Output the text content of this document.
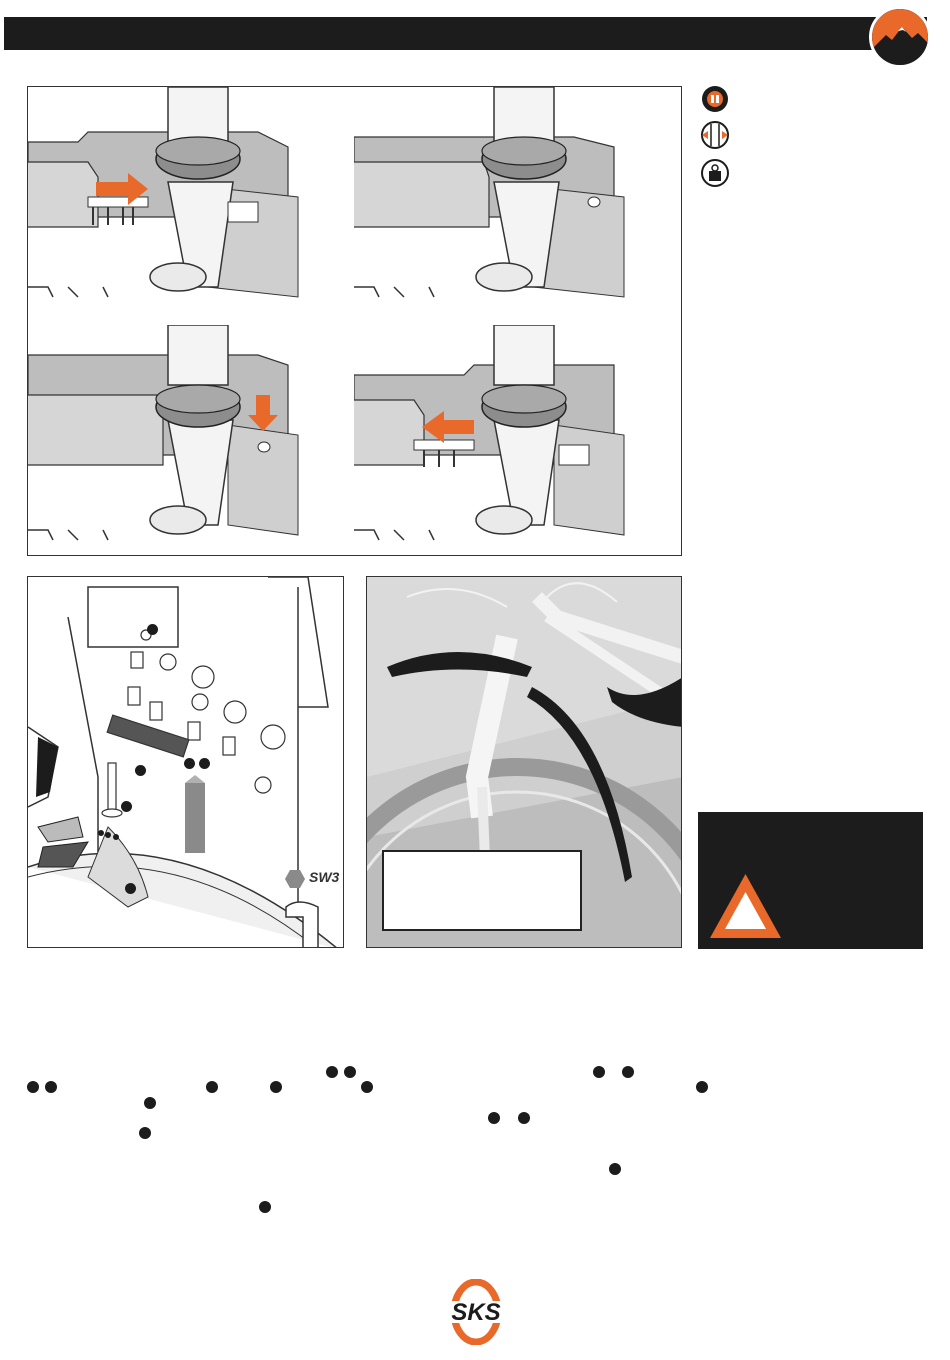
SW3
SKS
